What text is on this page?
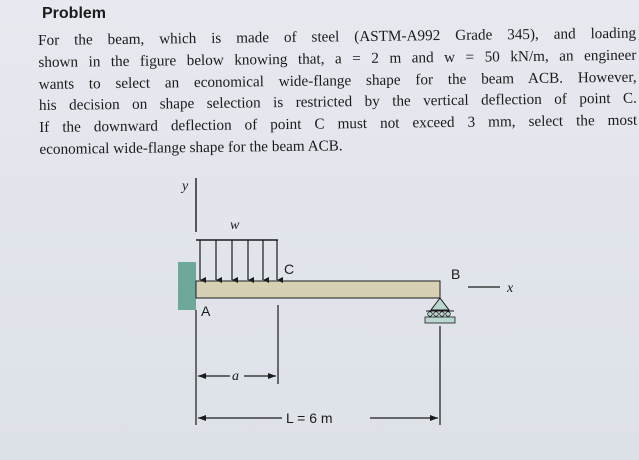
Problem
For the beam, which is made of steel (ASTM-A992 Grade 345), and loading
shown in the figure below knowing that, a = 2 m and w = 50 kN/m, an engineer
wants to select an economical wide-flange shape for the beam ACB. However,
his decision on shape selection is restricted by the vertical deflection of point C.
If the downward deflection of point C must not exceed 3 mm, select the most
economical wide-flange shape for the beam ACB.
y
w
C	B
A
x
a
L = 6 m
